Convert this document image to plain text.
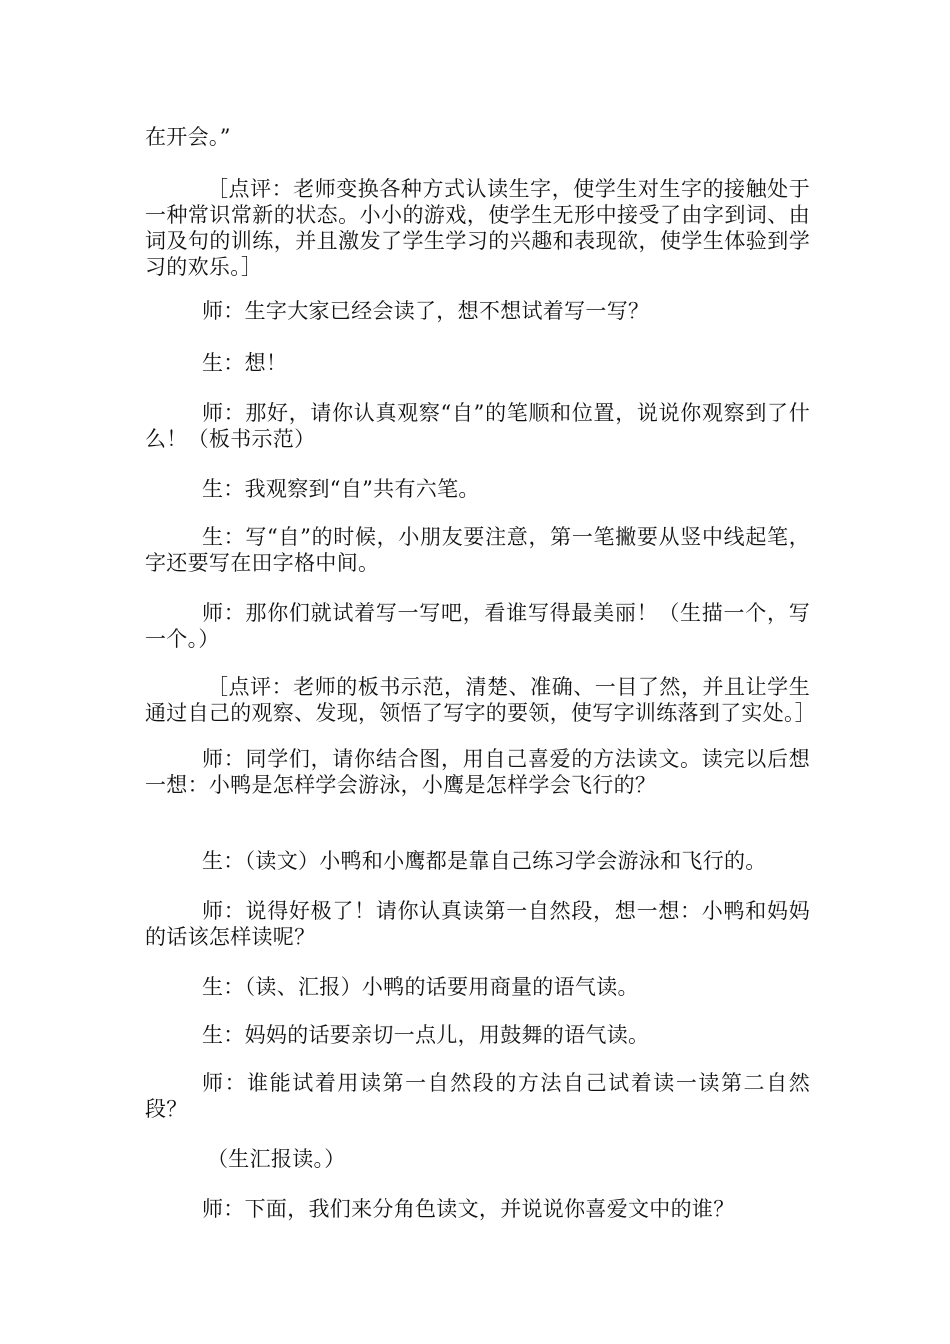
在开会。”

［点评：老师变换各种方式认读生字，使学生对生字的接触处于一种常识常新的状态。小小的游戏，使学生无形中接受了由字到词、由词及句的训练，并且激发了学生学习的兴趣和表现欲，使学生体验到学习的欢乐。］

师：生字大家已经会读了，想不想试着写一写？

生：想！

师：那好，请你认真观察“自”的笔顺和位置，说说你观察到了什么！（板书示范）

生：我观察到“自”共有六笔。

生：写“自”的时候，小朋友要注意，第一笔撇要从竖中线起笔，字还要写在田字格中间。

师：那你们就试着写一写吧，看谁写得最美丽！（生描一个，写一个。）

［点评：老师的板书示范，清楚、准确、一目了然，并且让学生通过自己的观察、发现，领悟了写字的要领，使写字训练落到了实处。］

师：同学们，请你结合图，用自己喜爱的方法读文。读完以后想一想：小鸭是怎样学会游泳，小鹰是怎样学会飞行的？

生：（读文）小鸭和小鹰都是靠自己练习学会游泳和飞行的。

师：说得好极了！请你认真读第一自然段，想一想：小鸭和妈妈的话该怎样读呢？

生：（读、汇报）小鸭的话要用商量的语气读。

生：妈妈的话要亲切一点儿，用鼓舞的语气读。

师：谁能试着用读第一自然段的方法自己试着读一读第二自然段？

（生汇报读。）

师：下面，我们来分角色读文，并说说你喜爱文中的谁？
